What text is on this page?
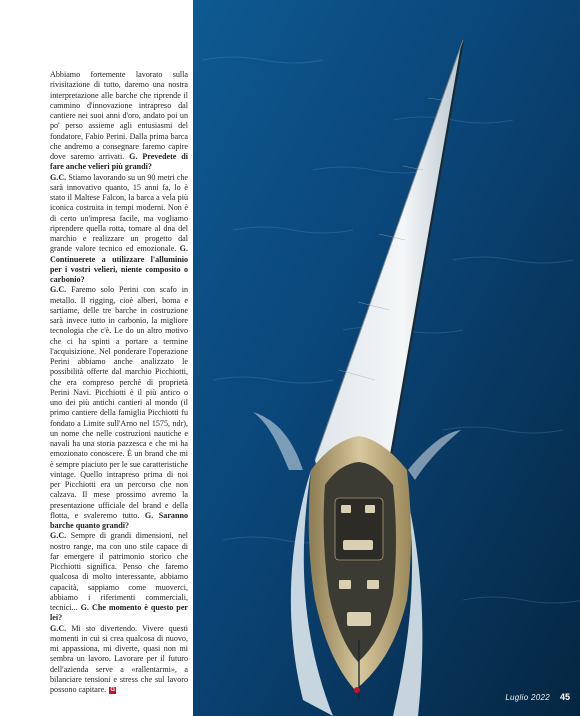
Abbiamo fortemente lavorato sulla rivisitazione di tutto, daremo una nostra interpretazione alle barche che riprende il cammino d'innovazione intrapreso dal cantiere nei suoi anni d'oro, andato poi un po' perso assieme agli entusiasmi del fondatore, Fabio Perini. Dalla prima barca che andremo a consegnare faremo capire dove saremo arrivati. G. Prevedete di fare anche velieri più grandi?

G.C. Stiamo lavorando su un 90 metri che sarà innovativo quanto, 15 anni fa, lo è stato il Maltese Falcon, la barca a vela più iconica costruita in tempi moderni. Non è di certo un'impresa facile, ma vogliamo riprendere quella rotta, tornare al dna del marchio e realizzare un progetto dal grande valore tecnico ed emozionale. G. Continuerete a utilizzare l'alluminio per i vostri velieri, niente composito o carbonio?

G.C. Faremo solo Perini con scafo in metallo. Il rigging, cioè alberi, boma e sartiame, delle tre barche in costruzione sarà invece tutto in carbonio, la migliore tecnologia che c'è. Le do un altro motivo che ci ha spinti a portare a termine l'acquisizione. Nel ponderare l'operazione Perini abbiamo anche analizzato le possibilità offerte dal marchio Picchiotti, che era compreso perché di proprietà Perini Navi. Picchiotti è il più antico o uno dei più antichi cantieri al mondo (il primo cantiere della famiglia Picchiotti fu fondato a Limite sull'Arno nel 1575, ndr), un nome che nelle costruzioni nautiche e navali ha una storia pazzesca e che mi ha emozionato conoscere. È un brand che mi è sempre piaciuto per le sue caratteristiche vintage. Quello intrapreso prima di noi per Picchiotti era un percorso che non calzava. Il mese prossimo avremo la presentazione ufficiale del brand e della flotta, e svaleremo tutto. G. Saranno barche quanto grandi?

G.C. Sempre di grandi dimensioni, nel nostro range, ma con uno stile capace di far emergere il patrimonio storico che Picchiotti significa. Penso che faremo qualcosa di molto interessante, abbiamo capacità, sappiamo come muoverci, abbiamo i riferimenti commerciali, tecnici... G. Che momento è questo per lei?

G.C. Mi sto divertendo. Vivere questi momenti in cui si crea qualcosa di nuovo, mi appassiona, mi diverte, quasi non mi sembra un lavoro. Lavorare per il futuro dell'azienda serve a «rallentarmi», a bilanciare tensioni e stress che sul lavoro possono capitare. G

Luglio 2022 45
